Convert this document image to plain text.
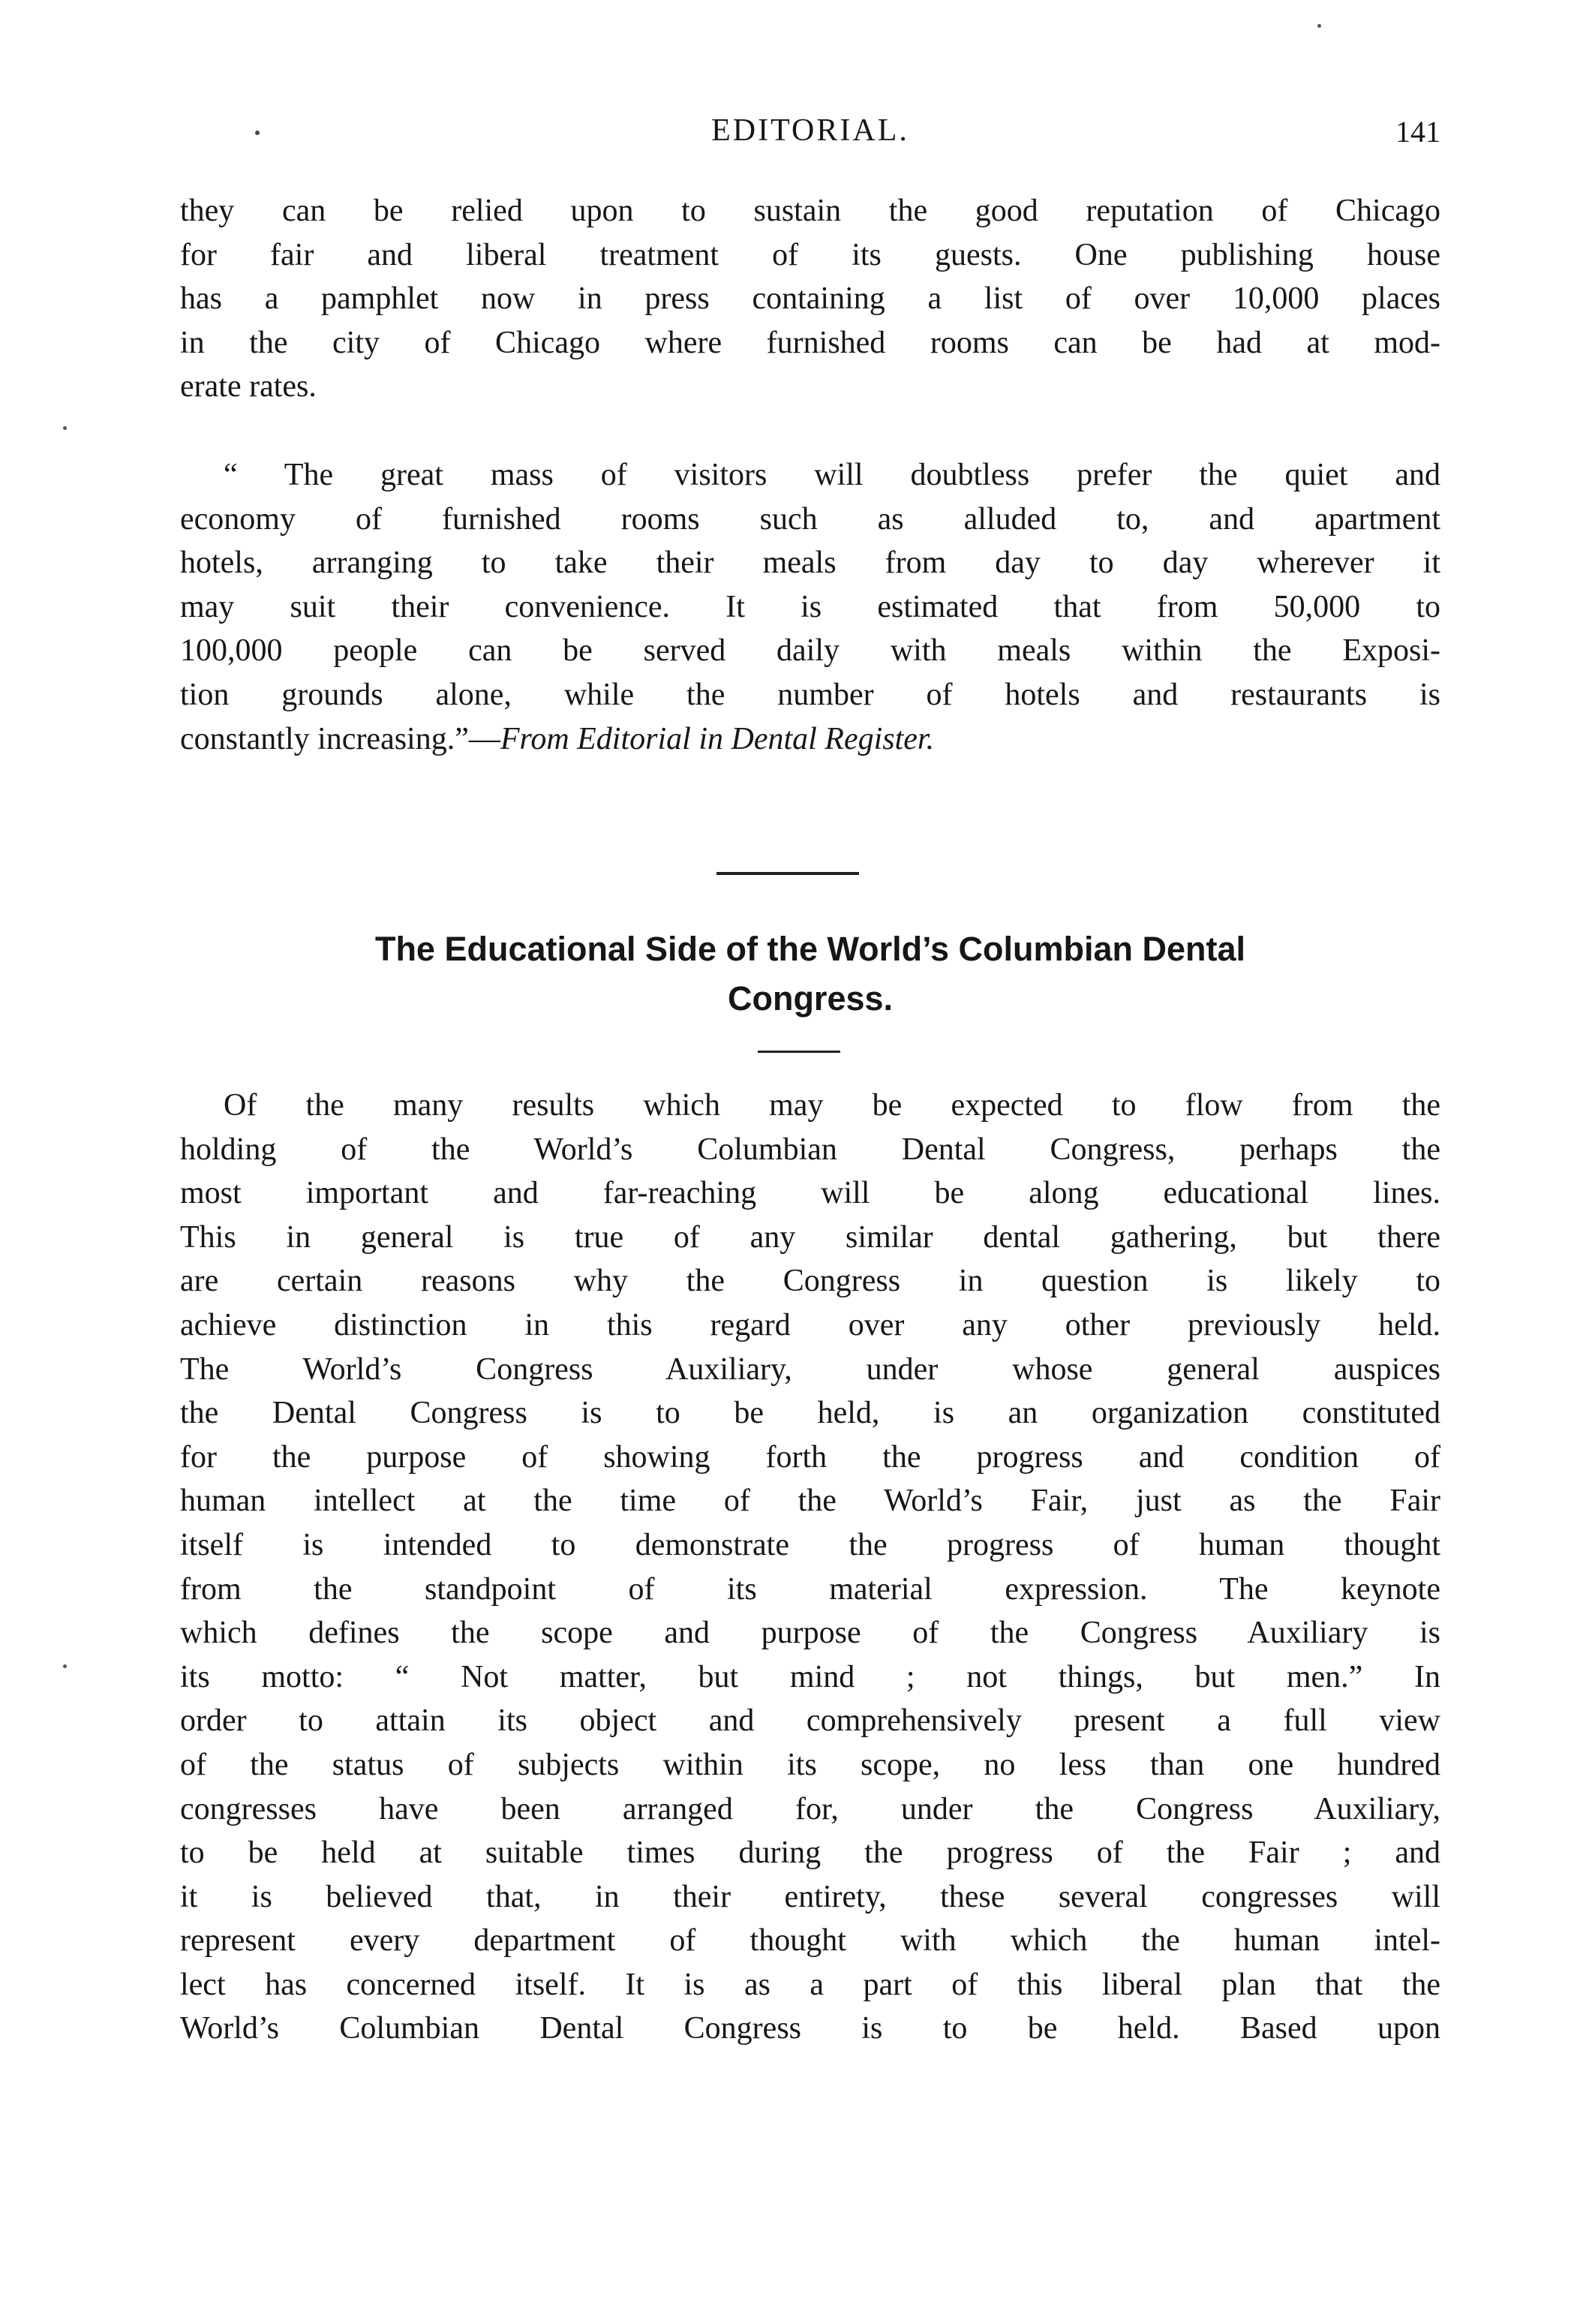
EDITORIAL.	141
they can be relied upon to sustain the good reputation of Chicago
for fair and liberal treatment of its guests. One publishing house
has a pamphlet now in press containing a list of over 10,000 places
in the city of Chicago where furnished rooms can be had at mod-
erate rates.
“ The great mass of visitors will doubtless prefer the quiet and
economy of furnished rooms such as alluded to, and apartment
hotels, arranging to take their meals from day to day wherever it
may suit their convenience. It is estimated that from 50,000 to
100,000 people can be served daily with meals within the Exposi-
tion grounds alone, while the number of hotels and restaurants is
constantly increasing.”—From Editorial in Dental Register.
The Educational Side of the World’s Columbian Dental
Congress.
Of the many results which may be expected to flow from the
holding of the World’s Columbian Dental Congress, perhaps the
most important and far-reaching will be along educational lines.
This in general is true of any similar dental gathering, but there
are certain reasons why the Congress in question is likely to
achieve distinction in this regard over any other previously held.
The World’s Congress Auxiliary, under whose general auspices
the Dental Congress is to be held, is an organization constituted
for the purpose of showing forth the progress and condition of
human intellect at the time of the World’s Fair, just as the Fair
itself is intended to demonstrate the progress of human thought
from the standpoint of its material expression. The keynote
which defines the scope and purpose of the Congress Auxiliary is
its motto: “ Not matter, but mind ; not things, but men.” In
order to attain its object and comprehensively present a full view
of the status of subjects within its scope, no less than one hundred
congresses have been arranged for, under the Congress Auxiliary,
to be held at suitable times during the progress of the Fair ; and
it is believed that, in their entirety, these several congresses will
represent every department of thought with which the human intel-
lect has concerned itself. It is as a part of this liberal plan that the
World’s Columbian Dental Congress is to be held. Based upon
